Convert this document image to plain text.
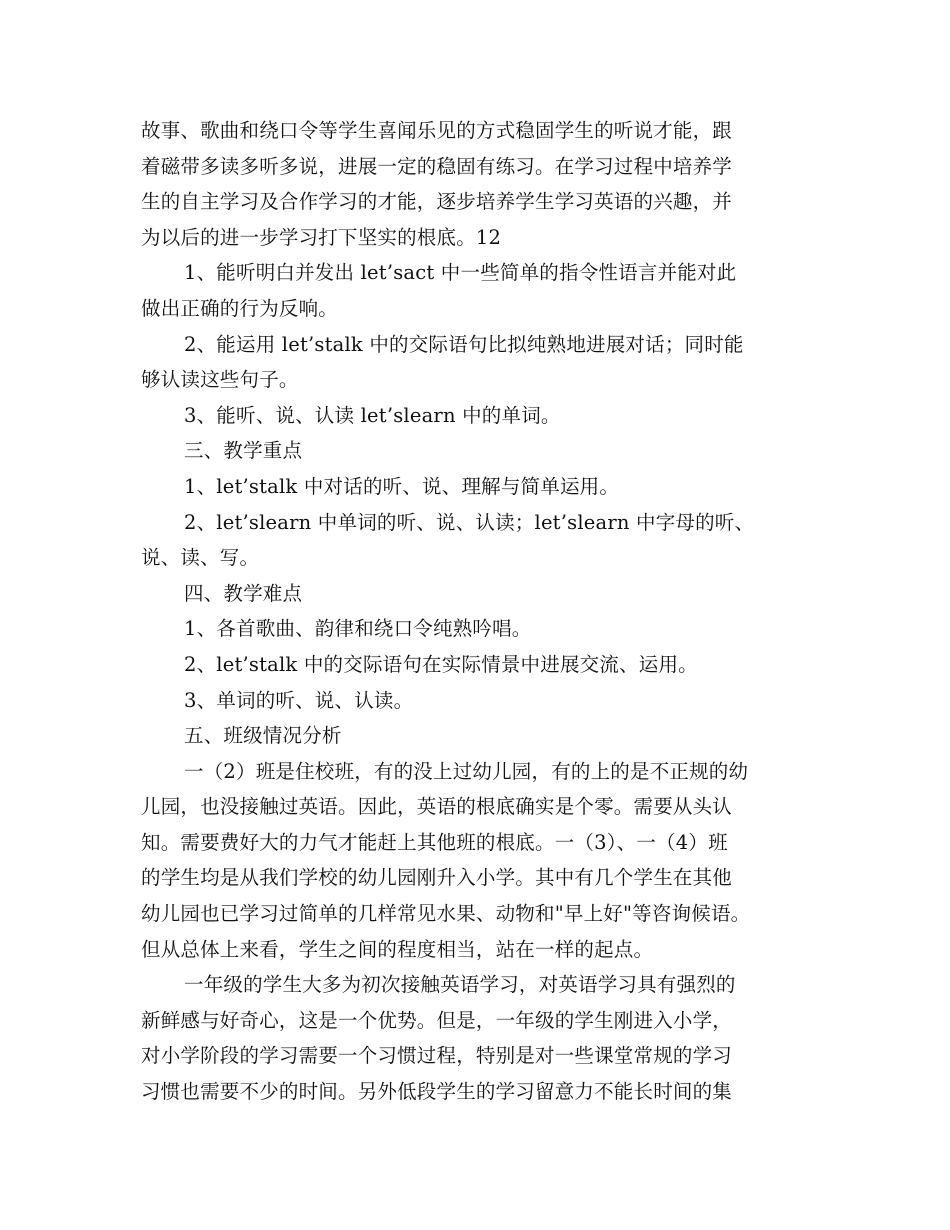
故事、歌曲和绕口令等学生喜闻乐见的方式稳固学生的听说才能，跟
着磁带多读多听多说，进展一定的稳固有练习。在学习过程中培养学
生的自主学习及合作学习的才能，逐步培养学生学习英语的兴趣，并
为以后的进一步学习打下坚实的根底。12
1、能听明白并发出 let’sact 中一些简单的指令性语言并能对此
做出正确的行为反响。
2、能运用 let’stalk 中的交际语句比拟纯熟地进展对话；同时能
够认读这些句子。
3、能听、说、认读 let’slearn 中的单词。
三、教学重点
1、let’stalk 中对话的听、说、理解与简单运用。
2、let’slearn 中单词的听、说、认读；let’slearn 中字母的听、
说、读、写。
四、教学难点
1、各首歌曲、韵律和绕口令纯熟吟唱。
2、let’stalk 中的交际语句在实际情景中进展交流、运用。
3、单词的听、说、认读。
五、班级情况分析
一（2）班是住校班，有的没上过幼儿园，有的上的是不正规的幼
儿园，也没接触过英语。因此，英语的根底确实是个零。需要从头认
知。需要费好大的力气才能赶上其他班的根底。一（3）、一（4）班
的学生均是从我们学校的幼儿园刚升入小学。其中有几个学生在其他
幼儿园也已学习过简单的几样常见水果、动物和"早上好"等咨询候语。
但从总体上来看，学生之间的程度相当，站在一样的起点。
一年级的学生大多为初次接触英语学习，对英语学习具有强烈的
新鲜感与好奇心，这是一个优势。但是，一年级的学生刚进入小学，
对小学阶段的学习需要一个习惯过程，特别是对一些课堂常规的学习
习惯也需要不少的时间。另外低段学生的学习留意力不能长时间的集
